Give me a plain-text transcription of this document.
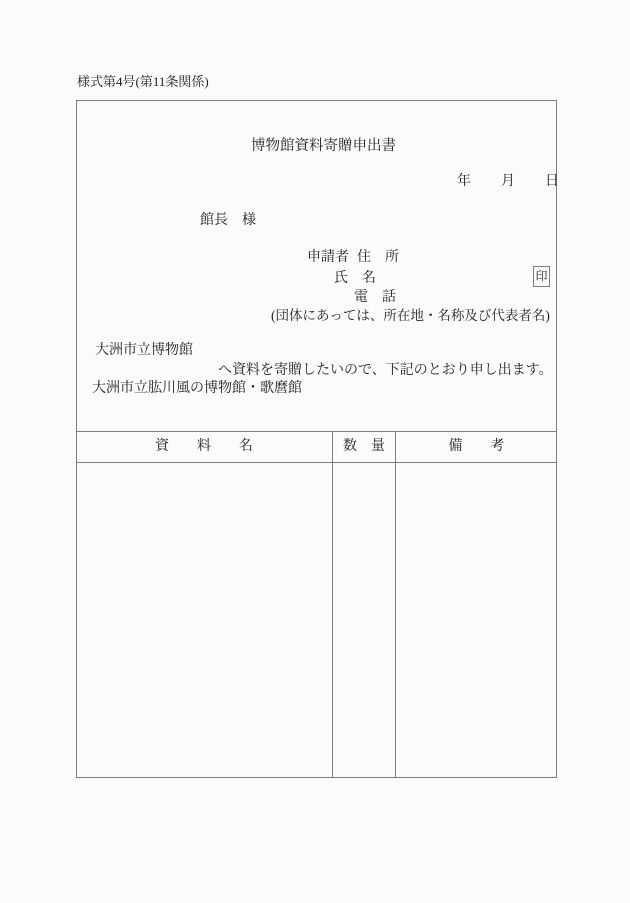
様式第4号(第11条関係)
博物館資料寄贈申出書
年 月 日
館長　様
申請者 住　所
氏　名
電　話
印
(団体にあっては、所在地・名称及び代表者名)
大洲市立博物館
へ資料を寄贈したいので、下記のとおり申し出ます。
大洲市立肱川風の博物館・歌麿館
資　　料　　名	数　量	備　　考
